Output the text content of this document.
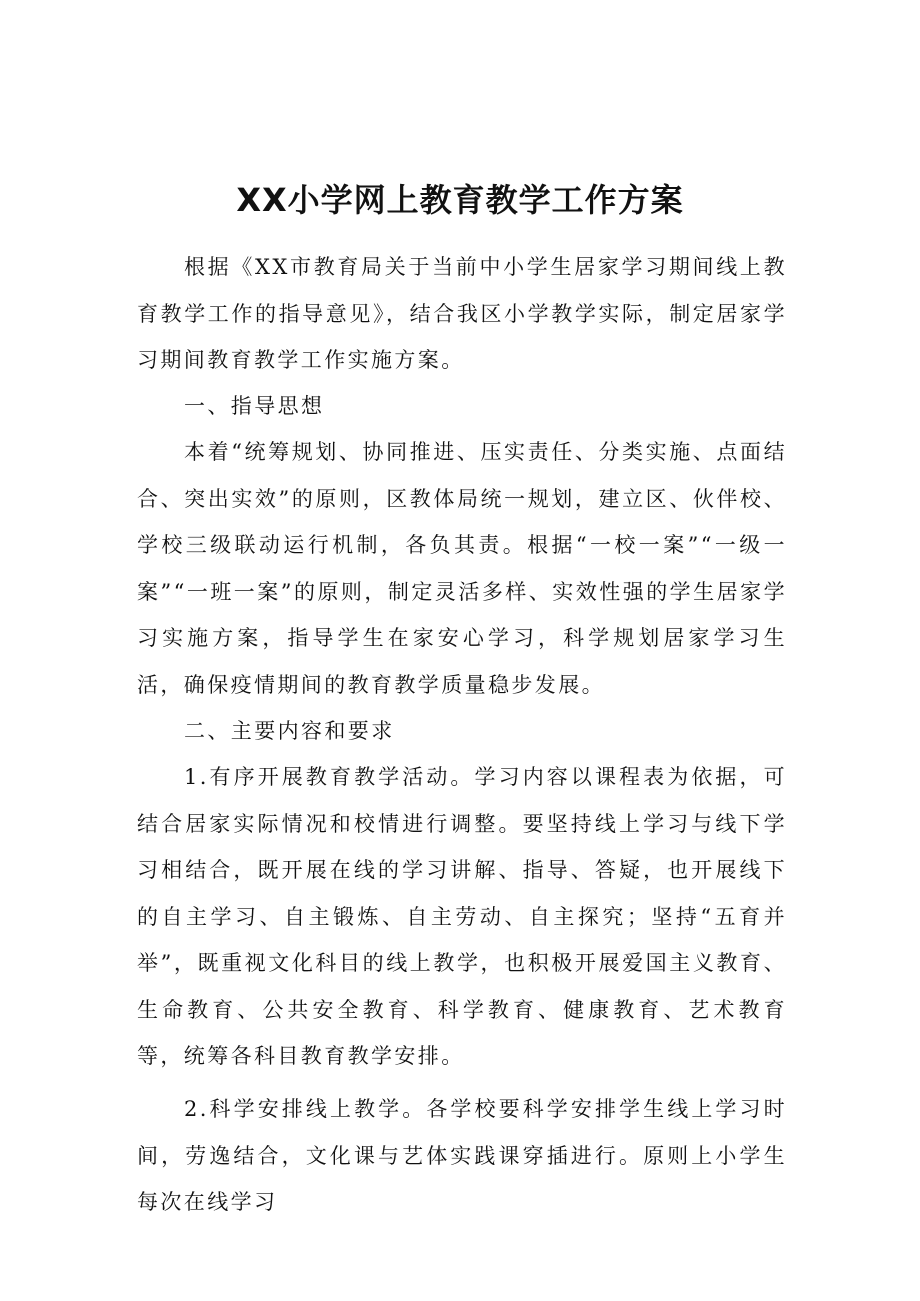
XX小学网上教育教学工作方案

根据《XX市教育局关于当前中小学生居家学习期间线上教育教学工作的指导意见》，结合我区小学教学实际，制定居家学习期间教育教学工作实施方案。

一、指导思想

本着“统筹规划、协同推进、压实责任、分类实施、点面结合、突出实效”的原则，区教体局统一规划，建立区、伙伴校、学校三级联动运行机制，各负其责。根据“一校一案”“一级一案”“一班一案”的原则，制定灵活多样、实效性强的学生居家学习实施方案，指导学生在家安心学习，科学规划居家学习生活，确保疫情期间的教育教学质量稳步发展。

二、主要内容和要求

1.有序开展教育教学活动。学习内容以课程表为依据，可结合居家实际情况和校情进行调整。要坚持线上学习与线下学习相结合，既开展在线的学习讲解、指导、答疑，也开展线下的自主学习、自主锻炼、自主劳动、自主探究；坚持“五育并举”，既重视文化科目的线上教学，也积极开展爱国主义教育、生命教育、公共安全教育、科学教育、健康教育、艺术教育等，统筹各科目教育教学安排。

2.科学安排线上教学。各学校要科学安排学生线上学习时间，劳逸结合，文化课与艺体实践课穿插进行。原则上小学生每次在线学习
